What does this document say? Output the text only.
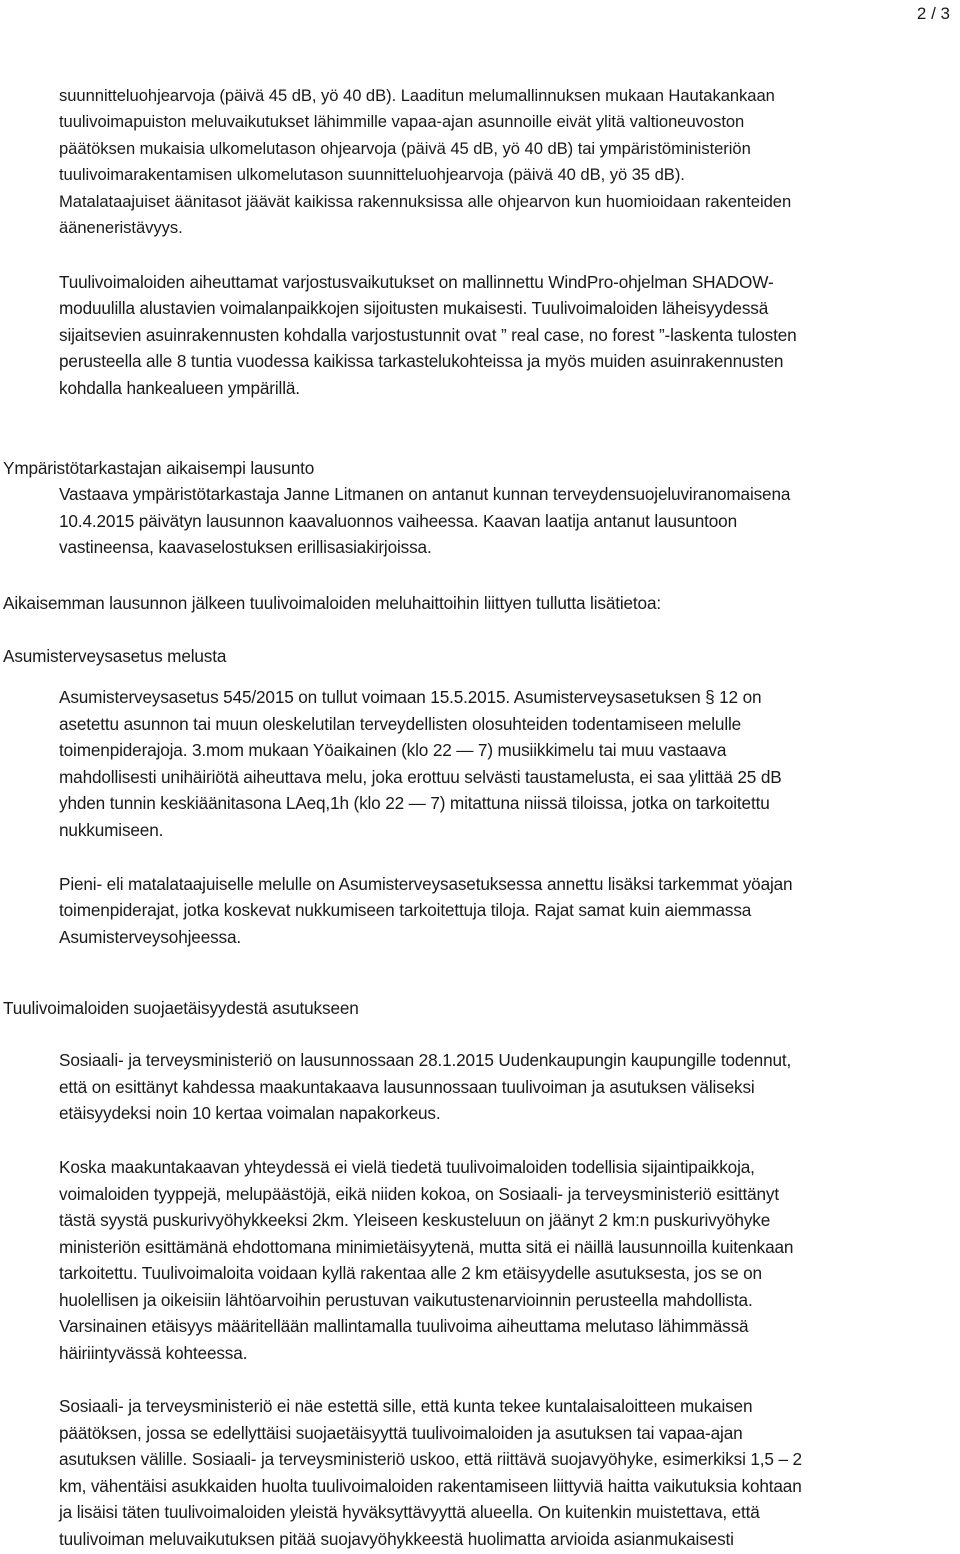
2 / 3
suunnitteluohjearvoja (päivä 45 dB, yö 40 dB). Laaditun melumallinnuksen mukaan Hautakankaan
tuulivoimapuiston meluvaikutukset lähimmille vapaa-ajan asunnoille eivät ylitä valtioneuvoston
päätöksen mukaisia ulkomelutason ohjearvoja (päivä 45 dB, yö 40 dB) tai ympäristöministeriön
tuulivoimarakentamisen ulkomelutason suunnitteluohjearvoja (päivä 40 dB, yö 35 dB).
Matalataajuiset äänitasot jäävät kaikissa rakennuksissa alle ohjearvon kun huomioidaan rakenteiden
ääneneristävyys.
Tuulivoimaloiden aiheuttamat varjostusvaikutukset on mallinnettu WindPro-ohjelman SHADOW-
moduulilla alustavien voimalanpaikkojen sijoitusten mukaisesti. Tuulivoimaloiden läheisyydessä
sijaitsevien asuinrakennusten kohdalla varjostustunnit ovat ” real case, no forest ”-laskenta tulosten
perusteella alle 8 tuntia vuodessa kaikissa tarkastelukohteissa ja myös muiden asuinrakennusten
kohdalla hankealueen ympärillä.
Ympäristötarkastajan aikaisempi lausunto
Vastaava ympäristötarkastaja Janne Litmanen on antanut kunnan terveydensuojeluviranomaisena
10.4.2015 päivätyn lausunnon kaavaluonnos vaiheessa. Kaavan laatija antanut lausuntoon
vastineensa, kaavaselostuksen erillisasiakirjoissa.
Aikaisemman lausunnon jälkeen tuulivoimaloiden meluhaittoihin liittyen tullutta lisätietoa:
Asumisterveysasetus melusta
Asumisterveysasetus 545/2015 on tullut voimaan 15.5.2015. Asumisterveysasetuksen § 12 on
asetettu asunnon tai muun oleskelutilan terveydellisten olosuhteiden todentamiseen melulle
toimenpiderajoja. 3.mom mukaan Yöaikainen (klo 22 — 7) musiikkimelu tai muu vastaava
mahdollisesti unihäiriötä aiheuttava melu, joka erottuu selvästi taustamelusta, ei saa ylittää 25 dB
yhden tunnin keskiäänitasona LAeq,1h (klo 22 — 7) mitattuna niissä tiloissa, jotka on tarkoitettu
nukkumiseen.
Pieni- eli matalataajuiselle melulle on Asumisterveysasetuksessa annettu lisäksi tarkemmat yöajan
toimenpiderajat, jotka koskevat nukkumiseen tarkoitettuja tiloja. Rajat samat kuin aiemmassa
Asumisterveysohjeessa.
Tuulivoimaloiden suojaetäisyydestä asutukseen
Sosiaali- ja terveysministeriö on lausunnossaan 28.1.2015 Uudenkaupungin kaupungille todennut,
että on esittänyt kahdessa maakuntakaava lausunnossaan tuulivoiman ja asutuksen väliseksi
etäisyydeksi noin 10 kertaa voimalan napakorkeus.
Koska maakuntakaavan yhteydessä ei vielä tiedetä tuulivoimaloiden todellisia sijaintipaikkoja,
voimaloiden tyyppejä, melupäästöjä, eikä niiden kokoa, on Sosiaali- ja terveysministeriö esittänyt
tästä syystä puskurivyöhykkeeksi 2km. Yleiseen keskusteluun on jäänyt 2 km:n puskurivyöhyke
ministeriön esittämänä ehdottomana minimietäisyytenä, mutta sitä ei näillä lausunnoilla kuitenkaan
tarkoitettu. Tuulivoimaloita voidaan kyllä rakentaa alle 2 km etäisyydelle asutuksesta, jos se on
huolellisen ja oikeisiin lähtöarvoihin perustuvan vaikutustenarvioinnin perusteella mahdollista.
Varsinainen etäisyys määritellään mallintamalla tuulivoima aiheuttama melutaso lähimmässä
häiriintyvässä kohteessa.
Sosiaali- ja terveysministeriö ei näe estettä sille, että kunta tekee kuntalaisaloitteen mukaisen
päätöksen, jossa se edellyttäisi suojaetäisyyttä tuulivoimaloiden ja asutuksen tai vapaa-ajan
asutuksen välille. Sosiaali- ja terveysministeriö uskoo, että riittävä suojavyöhyke, esimerkiksi 1,5 – 2
km, vähentäisi asukkaiden huolta tuulivoimaloiden rakentamiseen liittyviä haitta vaikutuksia kohtaan
ja lisäisi täten tuulivoimaloiden yleistä hyväksyttävyyttä alueella. On kuitenkin muistettava, että
tuulivoiman meluvaikutuksen pitää suojavyöhykkeestä huolimatta arvioida asianmukaisesti
